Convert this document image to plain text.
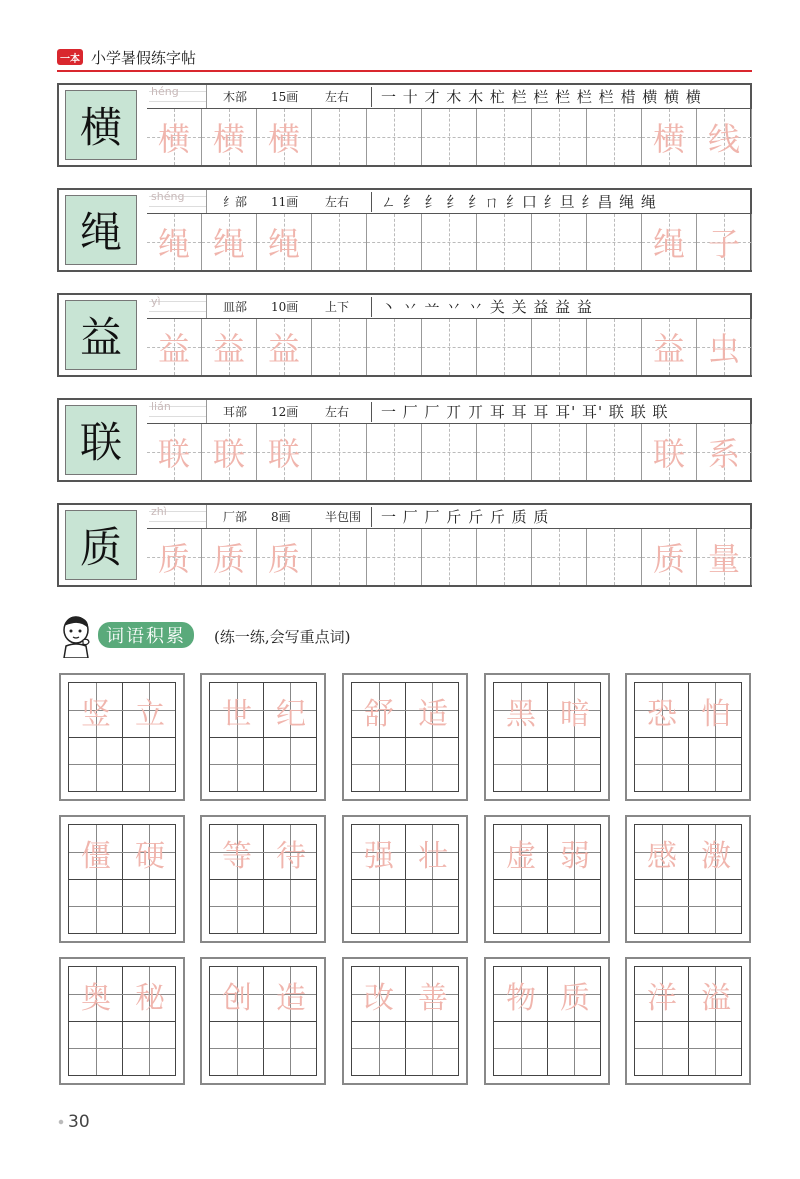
一本 小学暑假练字帖
横
héng	木部 15画 左右 一 十 才 木 木 杧 栏 栏 栏 栏 栏 棤 横 横 横
横 横 横	横 线
绳
shéng	纟部 11画 左右 ㄥ 纟 纟 纟 纟ㄇ 纟口 纟旦 纟昌 绳 绳
绳 绳 绳	绳 子
益
yì	皿部 10画 上下 丶 丷 䒑 丷 丷 关 关 益 益 益
益 益 益	益 虫
联
lián	耳部 12画 左右 一 厂 厂 丌 丌 耳 耳 耳 耳' 耳' 联 联 联
联 联 联	联 系
质
zhì	厂部 8画	半包围 一 厂 厂 斤 斤 斤 质 质
质 质 质	质 量
词语积累	(练一练,会写重点词)
竖 立	世 纪	舒 适	黑 暗	恐 怕
僵 硬	等 待	强 壮	虚 弱	感 激
奥 秘	创 造	改 善	物 质	洋 溢
30
